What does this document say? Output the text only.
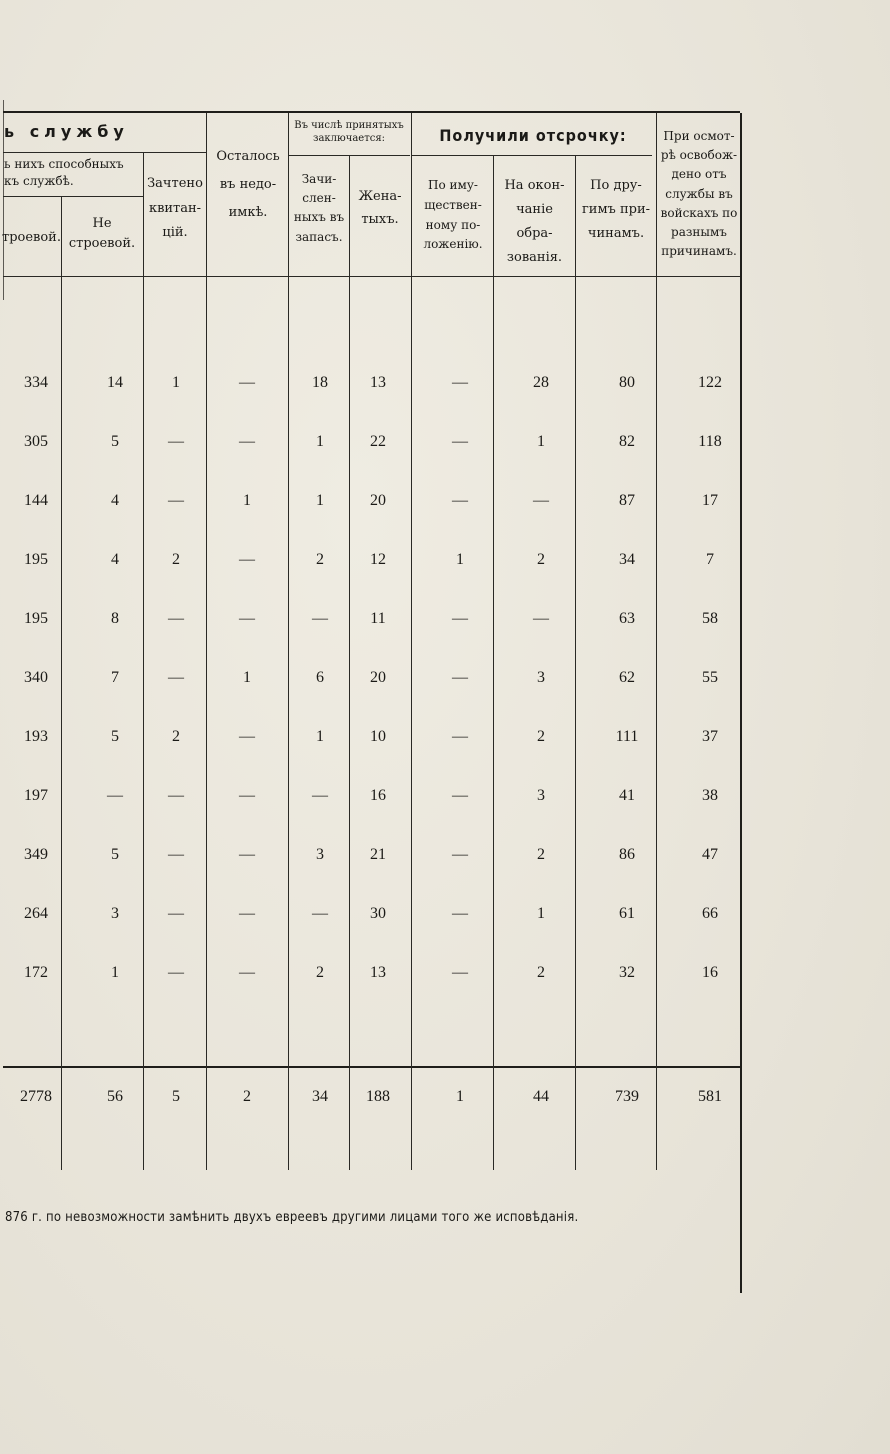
ь службу
ь нихъ способныхъ къ службѣ.
троевой.
Не строевой.
Зачтено квитан-цій.
Осталось въ недо-имкѣ.
Въ числѣ принятыхъ заключается:
Зачи-слен-ныхъ въ запасъ.
Жена-тыхъ.
Получили отсрочку:
По иму-ществен-ному по-ложенію.
На окон-чаніе обра-зованія.
По дру-гимъ при-чинамъ.
При осмот-рѣ освобож-дено отъ службы въ войскахъ по разнымъ причинамъ.
334	14	1	—	18	13	—	28	80	122
305	5	—	—	1	22	—	1	82	118
144	4	—	1	1	20	—	—	87	17
195	4	2	—	2	12	1	2	34	7
195	8	—	—	—	11	—	—	63	58
340	7	—	1	6	20	—	3	62	55
193	5	2	—	1	10	—	2	111	37
197	—	—	—	—	16	—	3	41	38
349	5	—	—	3	21	—	2	86	47
264	3	—	—	—	30	—	1	61	66
172	1	—	—	2	13	—	2	32	16
2778	56	5	2	34	188	1	44	739	581
876 г. по невозможности замѣнить двухъ евреевъ другими лицами того же исповѣданія.
